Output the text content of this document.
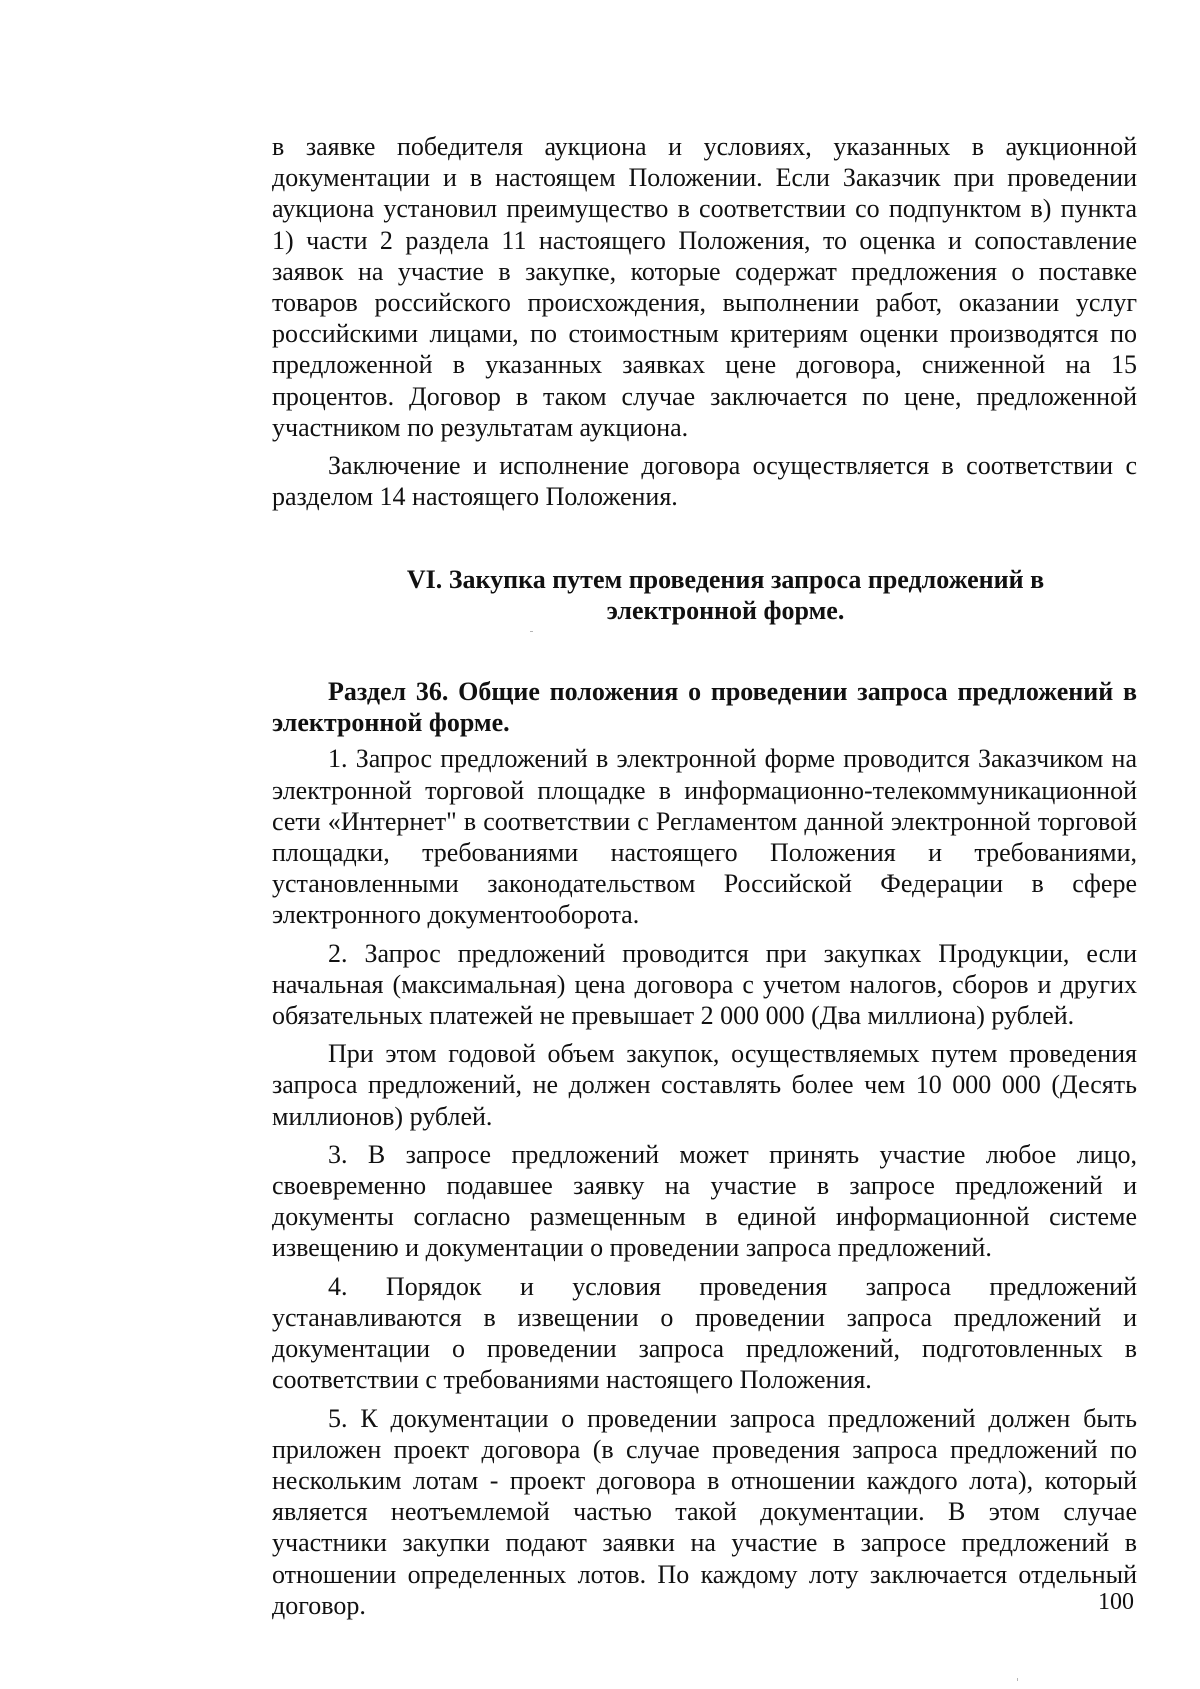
в заявке победителя аукциона и условиях, указанных в аукционной документации и в настоящем Положении. Если Заказчик при проведении аукциона установил преимущество в соответствии со подпунктом в) пункта 1) части 2 раздела 11 настоящего Положения, то оценка и сопоставление заявок на участие в закупке, которые содержат предложения о поставке товаров российского происхождения, выполнении работ, оказании услуг российскими лицами, по стоимостным критериям оценки производятся по предложенной в указанных заявках цене договора, сниженной на 15 процентов. Договор в таком случае заключается по цене, предложенной участником по результатам аукциона.

Заключение и исполнение договора осуществляется в соответствии с разделом 14 настоящего Положения.

VI. Закупка путем проведения запроса предложений в
электронной форме.
Раздел 36. Общие положения о проведении запроса предложений в электронной форме.

1. Запрос предложений в электронной форме проводится Заказчиком на электронной торговой площадке в информационно-телекоммуникационной сети «Интернет" в соответствии с Регламентом данной электронной торговой площадки, требованиями настоящего Положения и требованиями, установленными законодательством Российской Федерации в сфере электронного документооборота.

2. Запрос предложений проводится при закупках Продукции, если начальная (максимальная) цена договора с учетом налогов, сборов и других обязательных платежей не превышает 2 000 000 (Два миллиона) рублей.

При этом годовой объем закупок, осуществляемых путем проведения запроса предложений, не должен составлять более чем 10 000 000 (Десять миллионов) рублей.

3. В запросе предложений может принять участие любое лицо, своевременно подавшее заявку на участие в запросе предложений и документы согласно размещенным в единой информационной системе извещению и документации о проведении запроса предложений.

4. Порядок и условия проведения запроса предложений устанавливаются в извещении о проведении запроса предложений и документации о проведении запроса предложений, подготовленных в соответствии с требованиями настоящего Положения.

5. К документации о проведении запроса предложений должен быть приложен проект договора (в случае проведения запроса предложений по нескольким лотам - проект договора в отношении каждого лота), который является неотъемлемой частью такой документации. В этом случае участники закупки подают заявки на участие в запросе предложений в отношении определенных лотов. По каждому лоту заключается отдельный договор.	100
